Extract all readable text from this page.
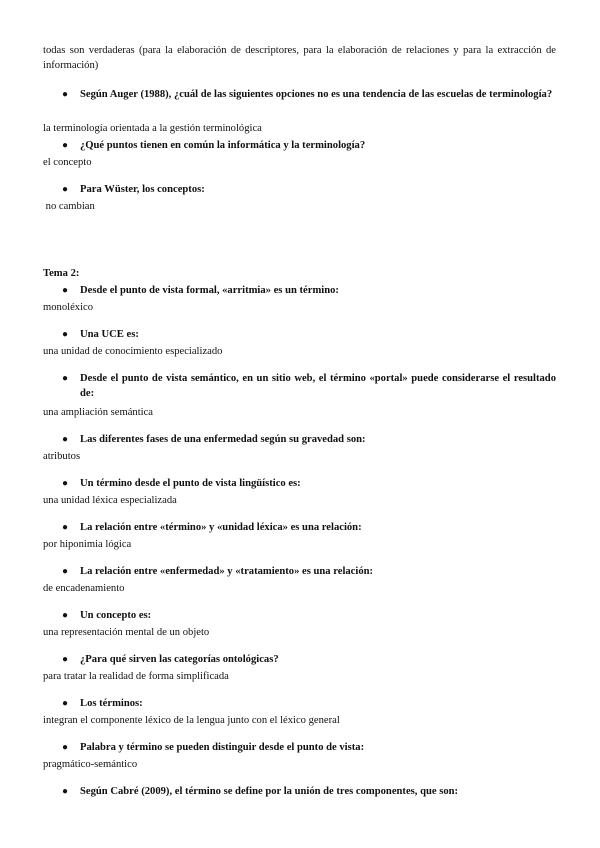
todas son verdaderas (para la elaboración de descriptores, para la elaboración de relaciones y para la extracción de información)

●	Según Auger (1988), ¿cuál de las siguientes opciones no es una tendencia de las escuelas de terminología?

la terminología orientada a la gestión terminológica

●	¿Qué puntos tienen en común la informática y la terminología?

el concepto

●	Para Wüster, los conceptos:

no cambian

Tema 2:

●	Desde el punto de vista formal, «arritmia» es un término:

monoléxico

●	Una UCE es:

una unidad de conocimiento especializado

●	Desde el punto de vista semántico, en un sitio web, el término «portal» puede considerarse el resultado de:

una ampliación semántica

●	Las diferentes fases de una enfermedad según su gravedad son:

atributos

●	Un término desde el punto de vista lingüístico es:

una unidad léxica especializada

●	La relación entre «término» y «unidad léxica» es una relación:

por hiponimia lógica

●	La relación entre «enfermedad» y «tratamiento» es una relación:

de encadenamiento

●	Un concepto es:

una representación mental de un objeto

●	¿Para qué sirven las categorías ontológicas?

para tratar la realidad de forma simplificada

●	Los términos:

integran el componente léxico de la lengua junto con el léxico general

●	Palabra y término se pueden distinguir desde el punto de vista:

pragmático-semántico

●	Según Cabré (2009), el término se define por la unión de tres componentes, que son:
